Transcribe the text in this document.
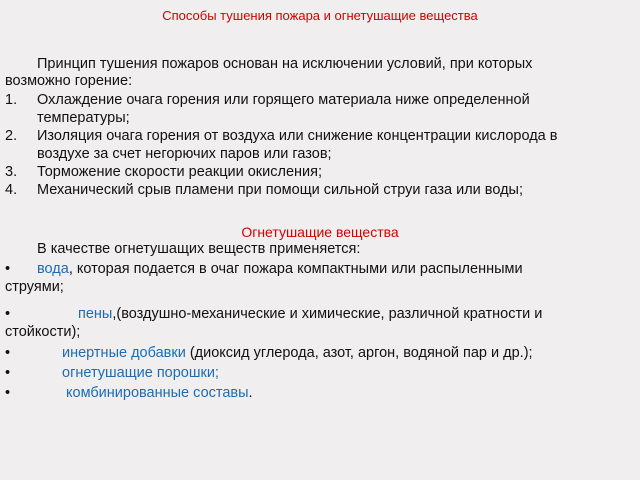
Способы тушения пожара и огнетушащие вещества
Принцип тушения пожаров основан на исключении условий, при которых
возможно горение:
1. Охлаждение очага горения или горящего материала ниже определенной
температуры;
2. Изоляция очага горения от воздуха или снижение концентрации кислорода в
воздухе за счет негорючих паров или газов;
3. Торможение скорости реакции окисления;
4. Механический срыв пламени при помощи сильной струи газа или воды;
Огнетушащие вещества
В качестве огнетушащих веществ применяется:
• вода, которая подается в очаг пожара компактными или распыленными
струями;
•	пены,(воздушно-механические и химические, различной кратности и
стойкости);
•	инертные добавки (диоксид углерода, азот, аргон, водяной пар и др.);
•	огнетушащие порошки;
•	комбинированные составы.
